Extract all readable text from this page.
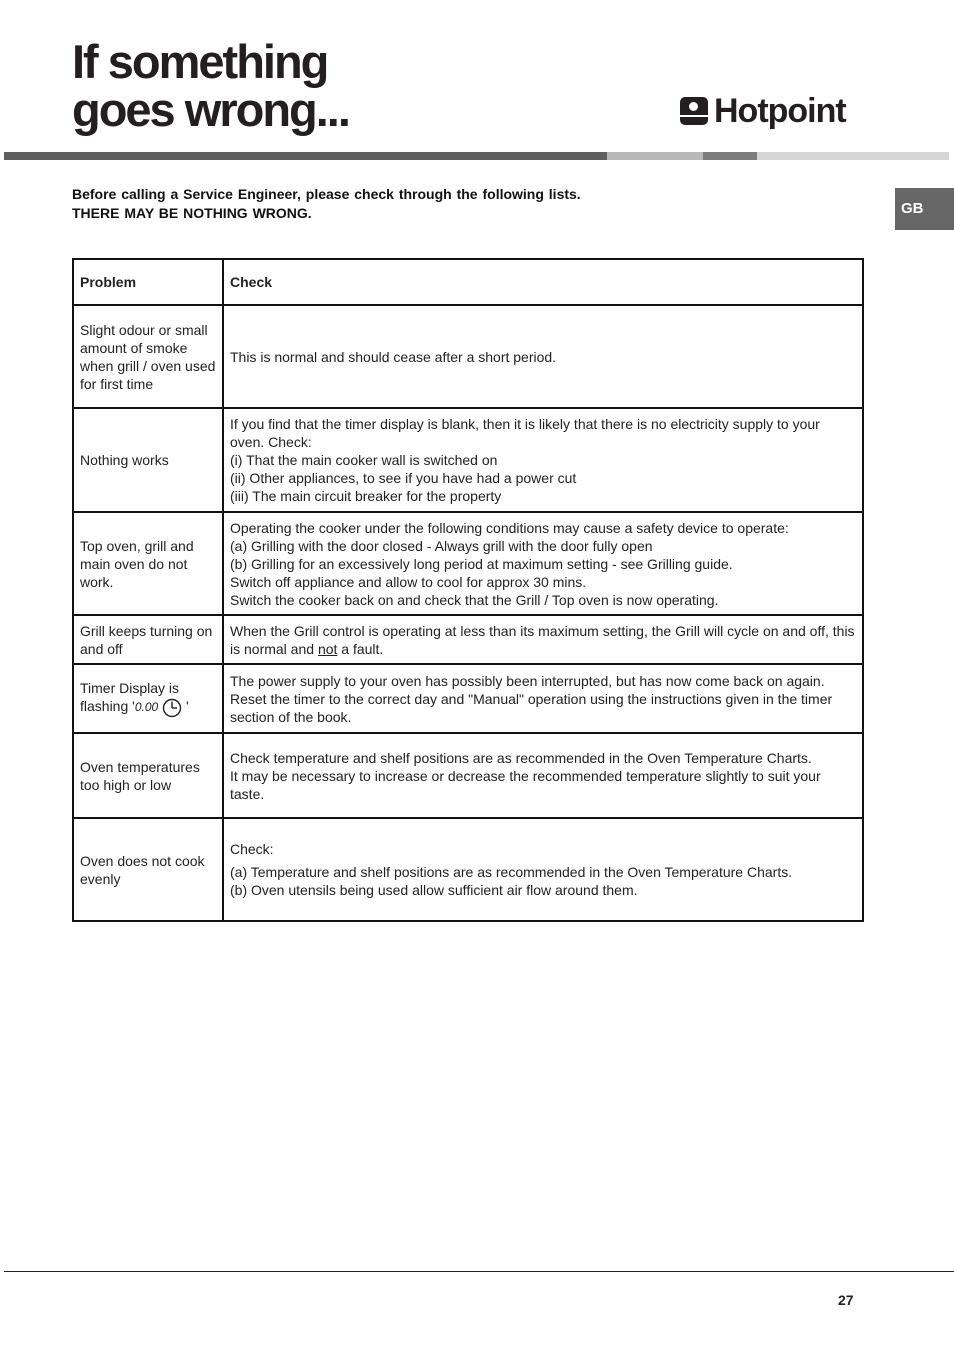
If something
goes wrong...	Hotpoint
GB
Before calling a Service Engineer, please check through the following lists.
THERE MAY BE NOTHING WRONG.
Problem	Check
Slight odour or small amount of smoke when grill / oven used for first time	This is normal and should cease after a short period.

Nothing works	If you find that the timer display is blank, then it is likely that there is no electricity supply to your oven. Check:
(i) That the main cooker wall is switched on
(ii) Other appliances, to see if you have had a power cut
(iii) The main circuit breaker for the property

Top oven, grill and main oven do not work.	Operating the cooker under the following conditions may cause a safety device to operate:
(a) Grilling with the door closed - Always grill with the door fully open
(b) Grilling for an excessively long period at maximum setting - see Grilling guide.
Switch off appliance and allow to cool for approx 30 mins.
Switch the cooker back on and check that the Grill / Top oven is now operating.

Grill keeps turning on and off	When the Grill control is operating at less than its maximum setting, the Grill will cycle on and off, this is normal and not a fault.
Timer Display is flashing '0.00  '	The power supply to your oven has possibly been interrupted, but has now come back on again. Reset the timer to the correct day and "Manual" operation using the instructions given in the timer section of the book.

Oven temperatures too high or low	Check temperature and shelf positions are as recommended in the Oven Temperature Charts.
It may be necessary to increase or decrease the recommended temperature slightly to suit your taste.

Oven does not cook evenly	Check:
(a) Temperature and shelf positions are as recommended in the Oven Temperature Charts.
(b) Oven utensils being used allow sufficient air flow around them.
27
